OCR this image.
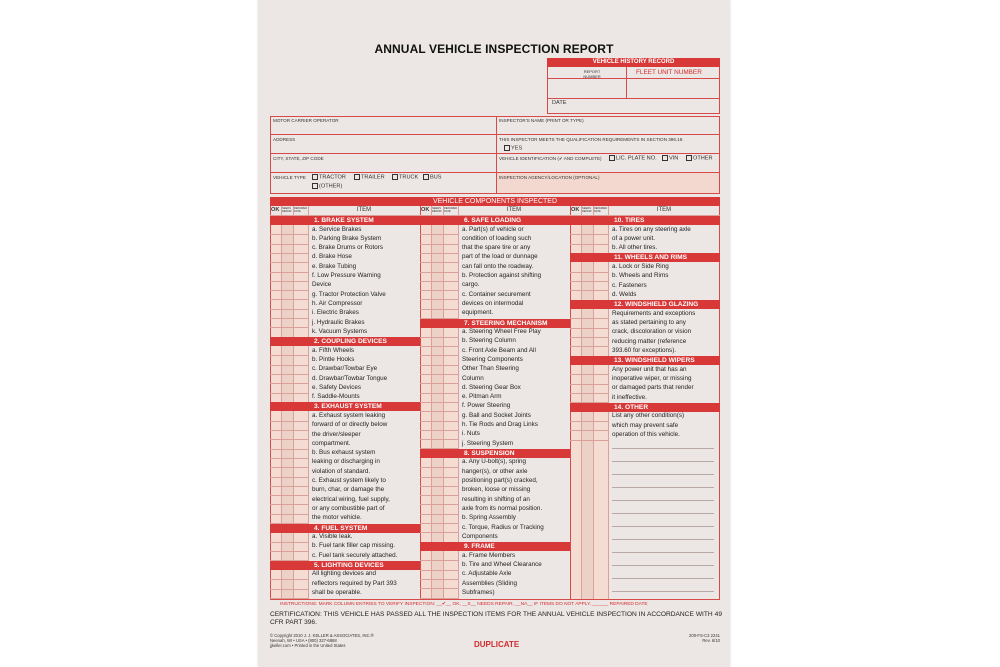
ANNUAL VEHICLE INSPECTION REPORT
VEHICLE HISTORY RECORD
REPORT NUMBER
FLEET UNIT NUMBER
DATE
MOTOR CARRIER OPERATOR	INSPECTOR'S NAME (PRINT OR TYPE)
ADDRESS	THIS INSPECTOR MEETS THE QUALIFICATION REQUIREMENTS IN SECTION 396.19.
YES
CITY, STATE, ZIP CODE	VEHICLE IDENTIFICATION (✔ AND COMPLETE)	LIC. PLATE NO.	VIN	OTHER
VEHICLE TYPE	TRACTOR	TRAILER	TRUCK	BUS
(OTHER)
INSPECTION AGENCY/LOCATION (OPTIONAL)
VEHICLE COMPONENTS INSPECTED
OK NEEDS REPAIR
REPAIRED DATE	ITEM
1. BRAKE SYSTEM
a. Service Brakes
b. Parking Brake System
c. Brake Drums or Rotors
d. Brake Hose
e. Brake Tubing
f. Low Pressure Warning
Device
g. Tractor Protection Valve
h. Air Compressor
i. Electric Brakes
j. Hydraulic Brakes
k. Vacuum Systems
2. COUPLING DEVICES
a. Fifth Wheels
b. Pintle Hooks
c. Drawbar/Towbar Eye
d. Drawbar/Towbar Tongue
e. Safety Devices
f. Saddle-Mounts
3. EXHAUST SYSTEM
a. Exhaust system leaking
forward of or directly below
the driver/sleeper
compartment.
b. Bus exhaust system
leaking or discharging in
violation of standard.
c. Exhaust system likely to
burn, char, or damage the
electrical wiring, fuel supply,
or any combustible part of
the motor vehicle.
4. FUEL SYSTEM
a. Visible leak.
b. Fuel tank filler cap missing.
c. Fuel tank securely attached.
5. LIGHTING DEVICES
All lighting devices and
reflectors required by Part 393
shall be operable.
OK NEEDS REPAIR
REPAIRED DATE	ITEM
6. SAFE LOADING
a. Part(s) of vehicle or
condition of loading such
that the spare tire or any
part of the load or dunnage
can fall onto the roadway.
b. Protection against shifting
cargo.
c. Container securement
devices on intermodal
equipment.
7. STEERING MECHANISM
a. Steering Wheel Free Play
b. Steering Column
c. Front Axle Beam and All
Steering Components
Other Than Steering
Column
d. Steering Gear Box
e. Pitman Arm
f. Power Steering
g. Ball and Socket Joints
h. Tie Rods and Drag Links
i. Nuts
j. Steering System
8. SUSPENSION
a. Any U-bolt(s), spring
hanger(s), or other axle
positioning part(s) cracked,
broken, loose or missing
resulting in shifting of an
axle from its normal position.
b. Spring Assembly
c. Torque, Radius or Tracking
Components
9. FRAME
a. Frame Members
b. Tire and Wheel Clearance
c. Adjustable Axle
Assemblies (Sliding
Subframes)
OK NEEDS REPAIR
REPAIRED DATE	ITEM
10. TIRES
a. Tires on any steering axle
of a power unit.
b. All other tires.
11. WHEELS AND RIMS
a. Lock or Side Ring
b. Wheels and Rims
c. Fasteners
d. Welds
12. WINDSHIELD GLAZING
Requirements and exceptions
as stated pertaining to any
crack, discoloration or vision
reducing matter (reference
393.60 for exceptions).
13. WINDSHIELD WIPERS
Any power unit that has an
inoperative wiper, or missing
or damaged parts that render
it ineffective.
14. OTHER
List any other condition(s)
which may prevent safe
operation of this vehicle.
INSTRUCTIONS: MARK COLUMN ENTRIES TO VERIFY INSPECTION: __✔__ OK, __X__ NEEDS REPAIR, __NA__ IF ITEMS DO NOT APPLY, ______ REPAIRED DATE
CERTIFICATION: THIS VEHICLE HAS PASSED ALL THE INSPECTION ITEMS FOR THE ANNUAL VEHICLE INSPECTION IN ACCORDANCE WITH 49 CFR PART 396.
© Copyright 2010 J. J. KELLER & ASSOCIATES, INC.®
Neenah, WI • USA • (800) 327-6868
jjkeller.com • Printed in the United States	DUPLICATE
200-FS-C3 2241
Rev. 6/10
